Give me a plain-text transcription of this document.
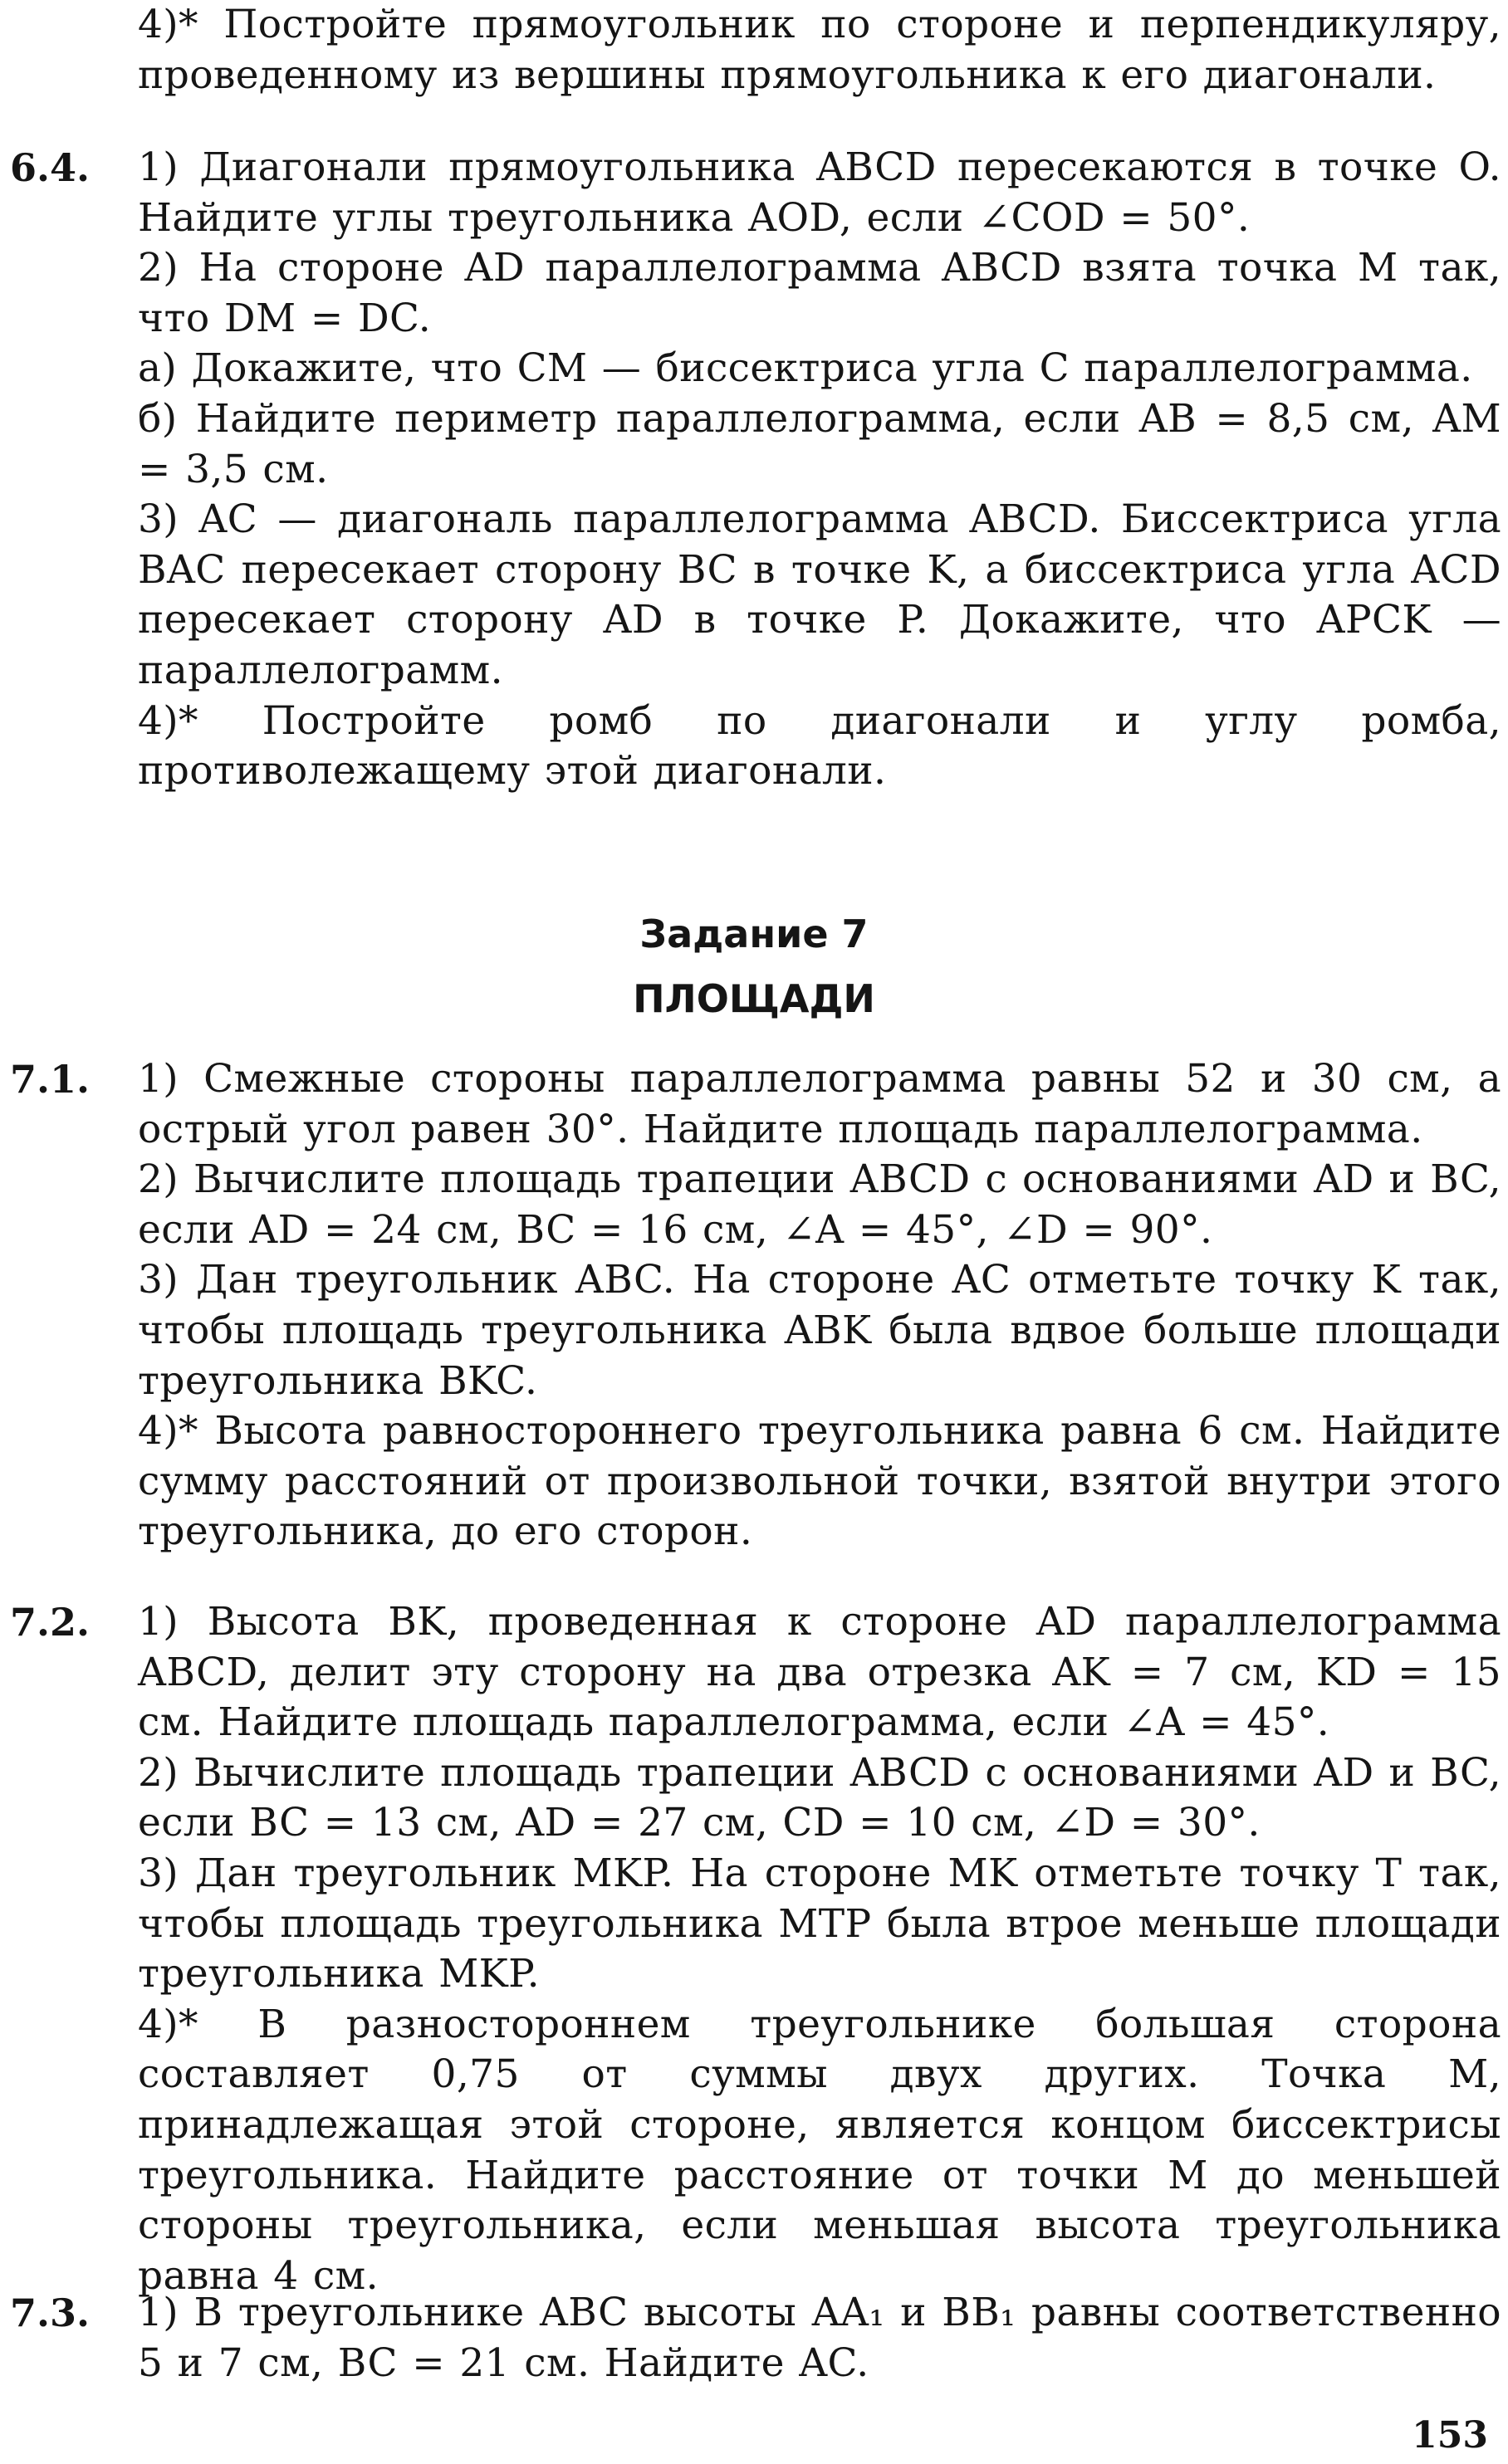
4)* Постройте прямоугольник по стороне и перпендикуляру, проведенному из вершины прямоугольника к его диагонали.

6.4.	1) Диагонали прямоугольника ABCD пересекаются в точке O. Найдите углы треугольника AOD, если ∠COD = 50°.

2) На стороне AD параллелограмма ABCD взята точка M так, что DM = DC.

а) Докажите, что CM — биссектриса угла C параллелограмма.

б) Найдите периметр параллелограмма, если AB = 8,5 см, AM = 3,5 см.

3) AC — диагональ параллелограмма ABCD. Биссектриса угла BAC пересекает сторону BC в точке K, а биссектриса угла ACD пересекает сторону AD в точке P. Докажите, что APCK — параллелограмм.

4)* Постройте ромб по диагонали и углу ромба, противолежащему этой диагонали.

Задание 7
ПЛОЩАДИ
7.1.	1) Смежные стороны параллелограмма равны 52 и 30 см, а острый угол равен 30°. Найдите площадь параллелограмма.

2) Вычислите площадь трапеции ABCD с основаниями AD и BC, если AD = 24 см, BC = 16 см, ∠A = 45°, ∠D = 90°.

3) Дан треугольник ABC. На стороне AC отметьте точку K так, чтобы площадь треугольника ABK была вдвое больше площади треугольника BKC.

4)* Высота равностороннего треугольника равна 6 см. Найдите сумму расстояний от произвольной точки, взятой внутри этого треугольника, до его сторон.

7.2.	1) Высота BK, проведенная к стороне AD параллелограмма ABCD, делит эту сторону на два отрезка AK = 7 см, KD = 15 см. Найдите площадь параллелограмма, если ∠A = 45°.

2) Вычислите площадь трапеции ABCD с основаниями AD и BC, если BC = 13 см, AD = 27 см, CD = 10 см, ∠D = 30°.

3) Дан треугольник MKP. На стороне MK отметьте точку T так, чтобы площадь треугольника MTP была втрое меньше площади треугольника MKP.

4)* В разностороннем треугольнике большая сторона составляет 0,75 от суммы двух других. Точка M, принадлежащая этой стороне, является концом биссектрисы треугольника. Найдите расстояние от точки M до меньшей стороны треугольника, если меньшая высота треугольника равна 4 см.

7.3.	1) В треугольнике ABC высоты AA₁ и BB₁ равны соответственно 5 и 7 см, BC = 21 см. Найдите AC.

153
